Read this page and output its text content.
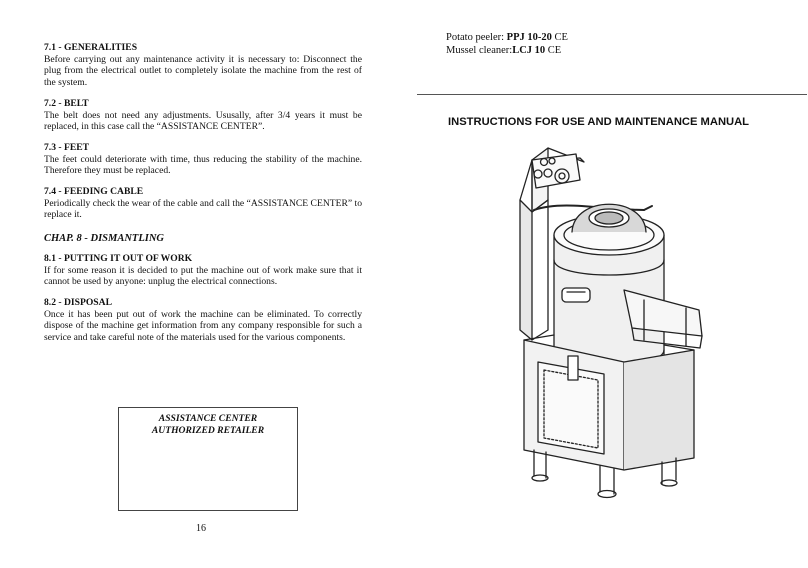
7.1 - GENERALITIES

Before carrying out any maintenance activity it is necessary to: Disconnect the plug from the electrical outlet to completely isolate the machine from the rest of the system.

7.2 - BELT

The belt does not need any adjustments. Ususally, after 3/4 years it must be replaced, in this case call the “ASSISTANCE CENTER”.

7.3 - FEET

The feet could deteriorate with time, thus reducing the stability of the machine. Therefore they must be replaced.

7.4 - FEEDING CABLE

Periodically check the wear of the cable and call the “ASSISTANCE CENTER” to replace it.

CHAP. 8 - DISMANTLING
8.1 - PUTTING IT OUT OF WORK

If for some reason it is decided to put the machine out of work make sure that it cannot be used by anyone: unplug the electrical connections.

8.2 - DISPOSAL

Once it has been put out of work the machine can be eliminated. To correctly dispose of the machine get information from any company responsible for such a service and take careful note of the materials used for the various components.

ASSISTANCE CENTER
AUTHORIZED RETAILER
16
Potato peeler: PPJ 10-20 CE
Mussel cleaner:LCJ 10 CE
INSTRUCTIONS FOR USE AND MAINTENANCE MANUAL
